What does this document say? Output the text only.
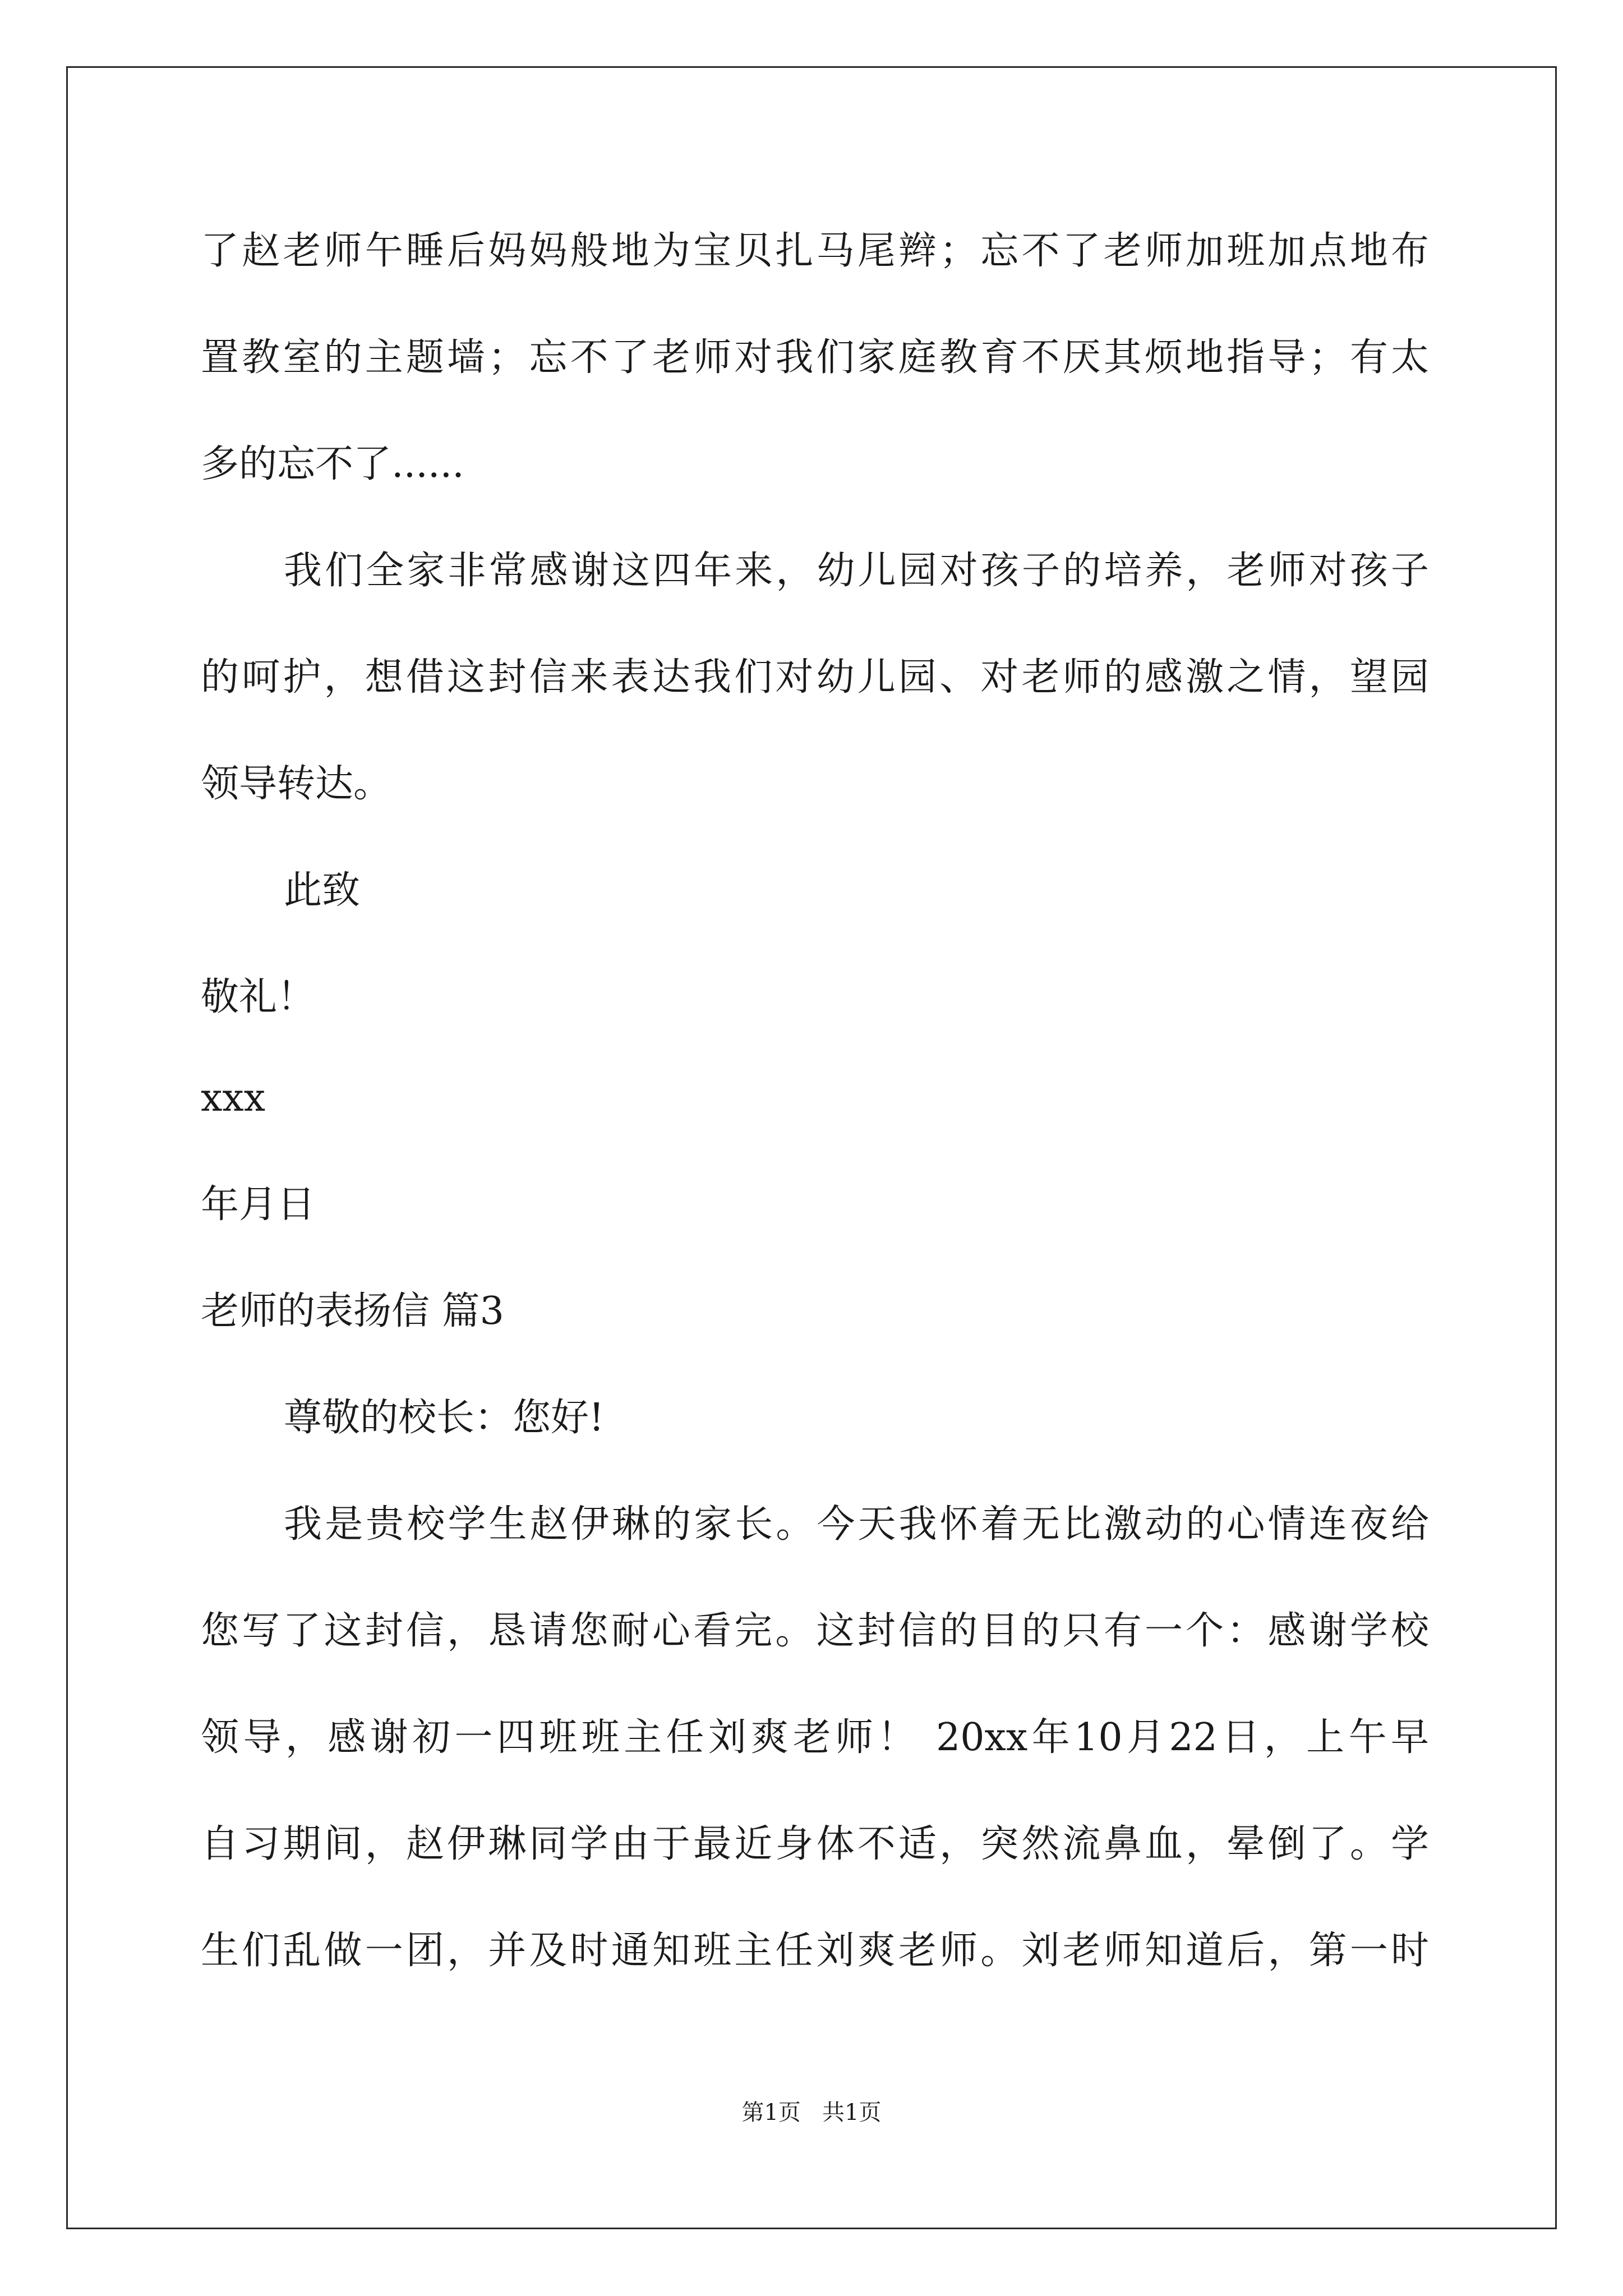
了赵老师午睡后妈妈般地为宝贝扎马尾辫；忘不了老师加班加点地布
置教室的主题墙；忘不了老师对我们家庭教育不厌其烦地指导；有太
多的忘不了......
我们全家非常感谢这四年来，幼儿园对孩子的培养，老师对孩子
的呵护，想借这封信来表达我们对幼儿园、对老师的感激之情，望园
领导转达。
此致
敬礼！
xxx
年月日
老师的表扬信 篇3
尊敬的校长：您好!
我是贵校学生赵伊琳的家长。今天我怀着无比激动的心情连夜给
您写了这封信，恳请您耐心看完。这封信的目的只有一个：感谢学校
领导，感谢初一四班班主任刘爽老师！ 20xx年10月22日，上午早
自习期间，赵伊琳同学由于最近身体不适，突然流鼻血，晕倒了。学
生们乱做一团，并及时通知班主任刘爽老师。刘老师知道后，第一时
第1页   共1页
